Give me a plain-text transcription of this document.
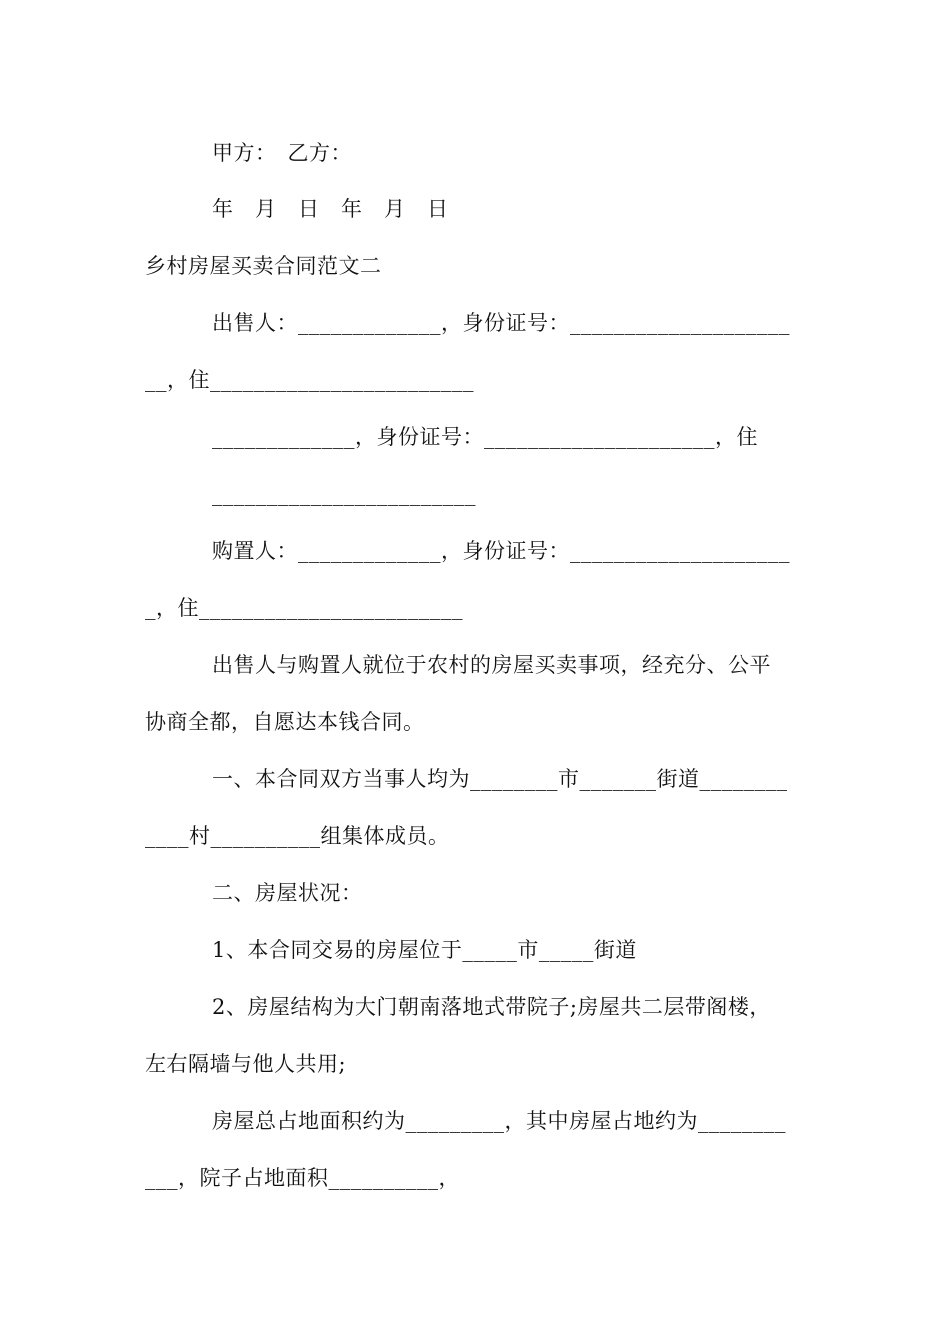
甲方：　乙方：
年　月　日　年　月　日
乡村房屋买卖合同范文二
出售人：_____________，身份证号：____________________
__，住________________________
_____________，身份证号：_____________________，住
________________________
购置人：_____________，身份证号：____________________
_，住________________________
出售人与购置人就位于农村的房屋买卖事项，经充分、公平
协商全都，自愿达本钱合同。
一、本合同双方当事人均为________市_______街道________
____村__________组集体成员。
二、房屋状况：
1、本合同交易的房屋位于_____市_____街道
2、房屋结构为大门朝南落地式带院子;房屋共二层带阁楼，
左右隔墙与他人共用;
房屋总占地面积约为_________，其中房屋占地约为________
___，院子占地面积__________，
